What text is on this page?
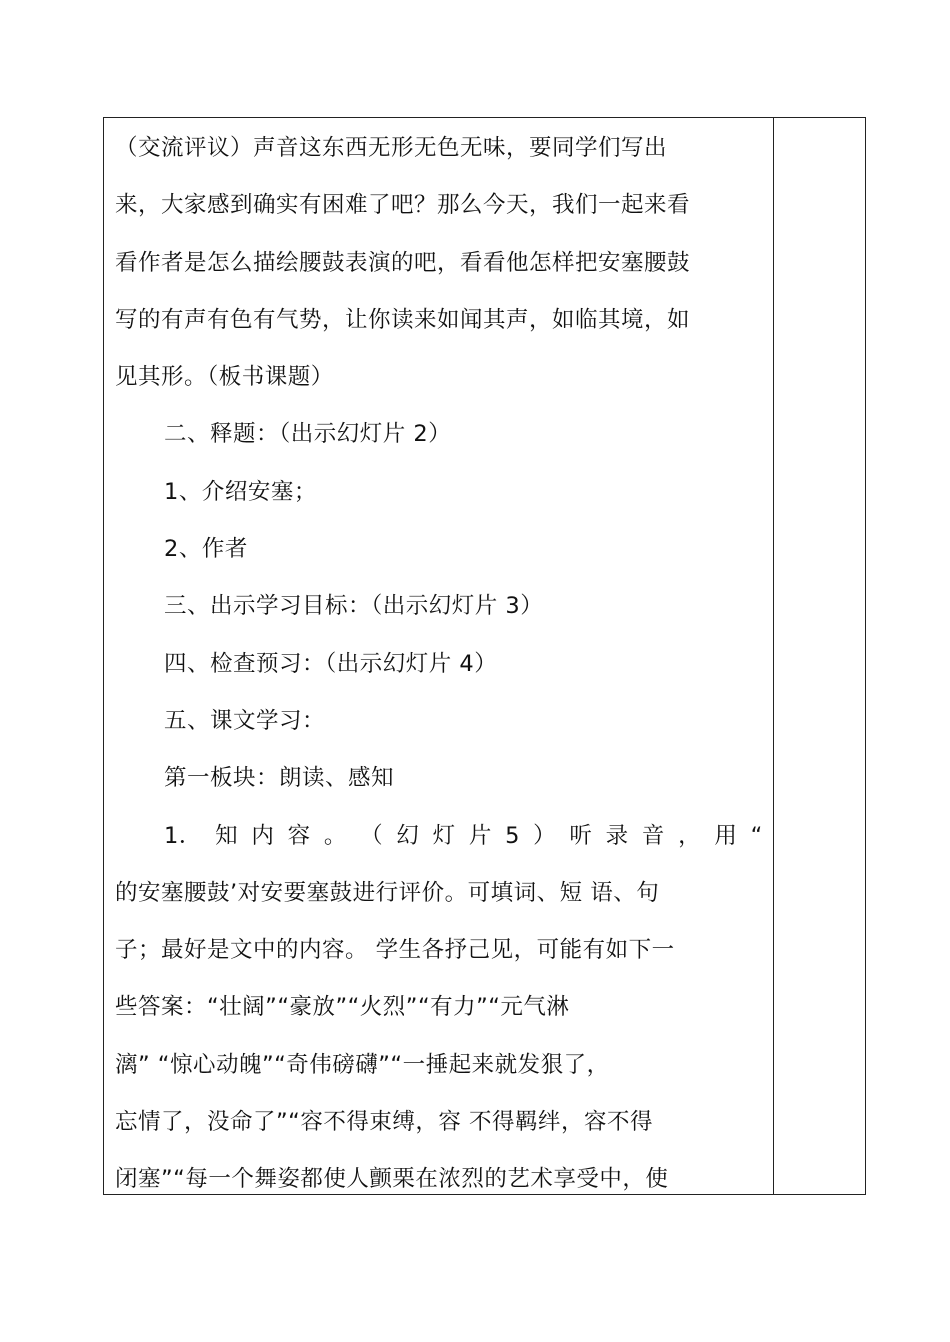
（交流评议）声音这东西无形无色无味，要同学们写出
来，大家感到确实有困难了吧？那么今天，我们一起来看
看作者是怎么描绘腰鼓表演的吧，看看他怎样把安塞腰鼓
写的有声有色有气势，让你读来如闻其声，如临其境，如
见其形。（板书课题）
二、释题：（出示幻灯片 2）
1、介绍安塞；
2、作者
三、出示学习目标：（出示幻灯片 3）
四、检查预习：（出示幻灯片 4）
五、课文学习：
第一板块：朗读、感知
1． 知 内 容 。 （ 幻 灯 片 5 ） 听 录 音 ， 用 “
的安塞腰鼓’对安要塞鼓进行评价。可填词、短 语、句
子；最好是文中的内容。 学生各抒己见，可能有如下一
些答案：“壮阔”“豪放”“火烈”“有力”“元气淋
漓” “惊心动魄”“奇伟磅礴”“一捶起来就发狠了，
忘情了，没命了”“容不得束缚，容 不得羁绊，容不得
闭塞”“每一个舞姿都使人颤栗在浓烈的艺术享受中，使
